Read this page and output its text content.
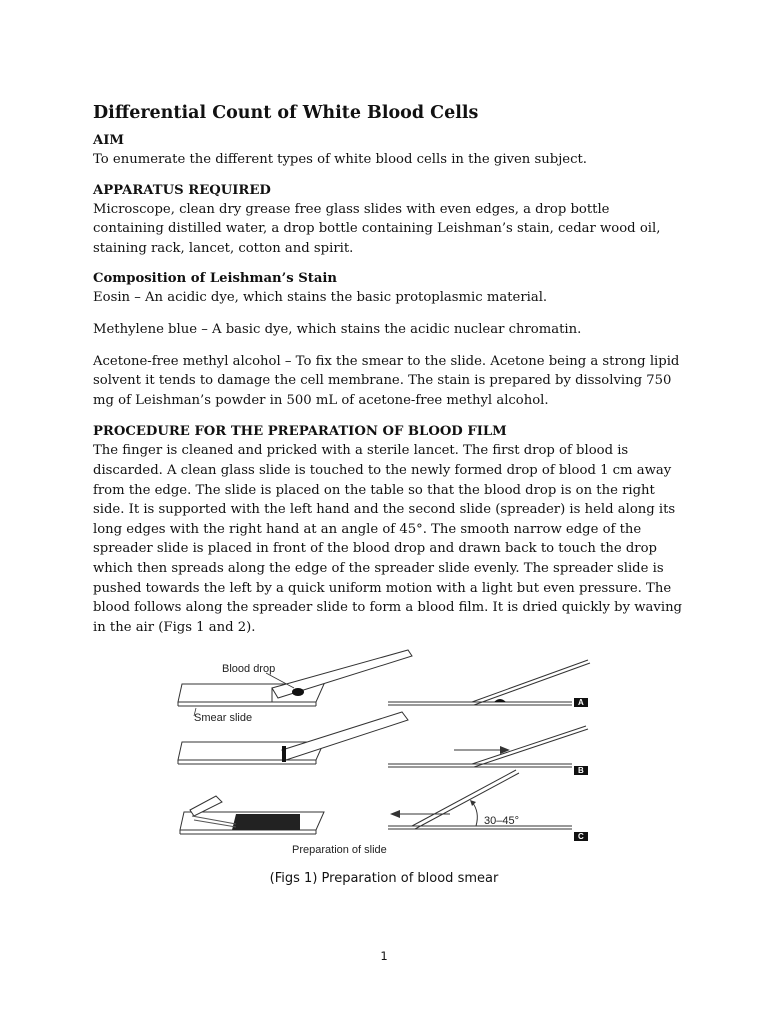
Differential Count of White Blood Cells

AIM

To enumerate the different types of white blood cells in the given subject.

APPARATUS REQUIRED

Microscope, clean dry grease free glass slides with even edges, a drop bottle containing distilled water, a drop bottle containing Leishman’s stain, cedar wood oil, staining rack, lancet, cotton and spirit.

Composition of Leishman’s Stain

Eosin – An acidic dye, which stains the basic protoplasmic material.

Methylene blue – A basic dye, which stains the acidic nuclear chromatin.

Acetone-free methyl alcohol – To fix the smear to the slide. Acetone being a strong lipid solvent it tends to damage the cell membrane. The stain is prepared by dissolving 750 mg of Leishman’s powder in 500 mL of acetone-free methyl alcohol.

PROCEDURE FOR THE PREPARATION OF BLOOD FILM

The finger is cleaned and pricked with a sterile lancet. The first drop of blood is discarded. A clean glass slide is touched to the newly formed drop of blood 1 cm away from the edge. The slide is placed on the table so that the blood drop is on the right side. It is supported with the left hand and the second slide (spreader) is held along its long edges with the right hand at an angle of 45°. The smooth narrow edge of the spreader slide is placed in front of the blood drop and drawn back to touch the drop which then spreads along the edge of the spreader slide evenly. The spreader slide is pushed towards the left by a quick uniform motion with a light but even pressure. The blood follows along the spreader slide to form a blood film. It is dried quickly by waving in the air (Figs 1 and 2).

Blood drop
Smear slide
A
B
30–45°
C
Preparation of slide
(Figs 1) Preparation of blood smear
1
